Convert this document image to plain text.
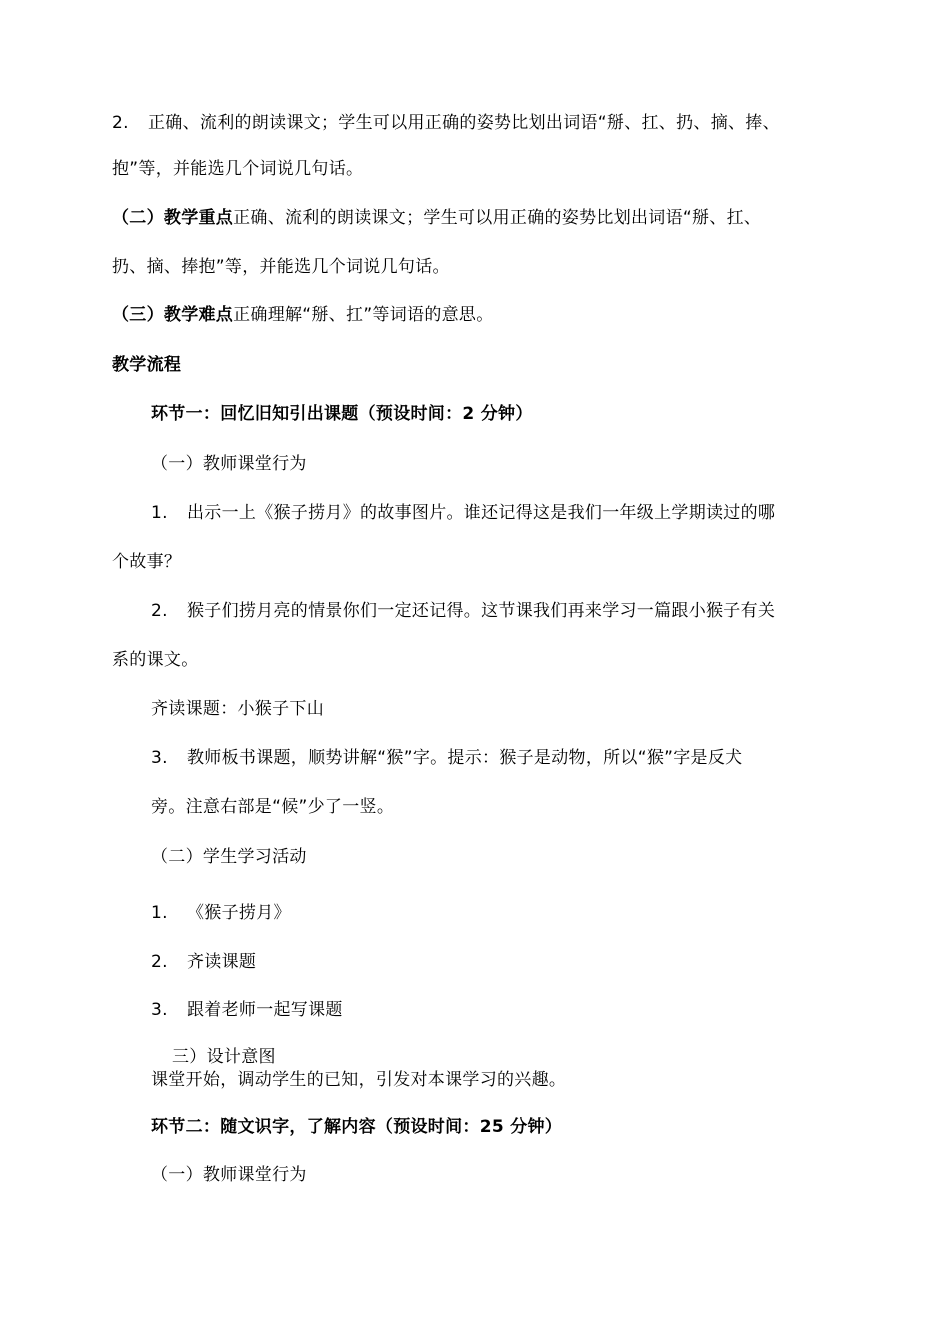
2. 正确、流利的朗读课文；学生可以用正确的姿势比划出词语“掰、扛、扔、摘、捧、
抱”等，并能选几个词说几句话。
（二）教学重点正确、流利的朗读课文；学生可以用正确的姿势比划出词语“掰、扛、
扔、摘、捧抱”等，并能选几个词说几句话。
（三）教学难点正确理解“掰、扛”等词语的意思。
教学流程
环节一：回忆旧知引出课题（预设时间：2 分钟）
（一）教师课堂行为
1. 出示一上《猴子捞月》的故事图片。谁还记得这是我们一年级上学期读过的哪
个故事？
2. 猴子们捞月亮的情景你们一定还记得。这节课我们再来学习一篇跟小猴子有关
系的课文。
齐读课题：小猴子下山
3. 教师板书课题，顺势讲解“猴”字。提示：猴子是动物，所以“猴”字是反犬
旁。注意右部是“候”少了一竖。
（二）学生学习活动
1. 《猴子捞月》
2. 齐读课题
3. 跟着老师一起写课题
三）设计意图
课堂开始，调动学生的已知，引发对本课学习的兴趣。
环节二：随文识字，了解内容（预设时间：25 分钟）
（一）教师课堂行为
